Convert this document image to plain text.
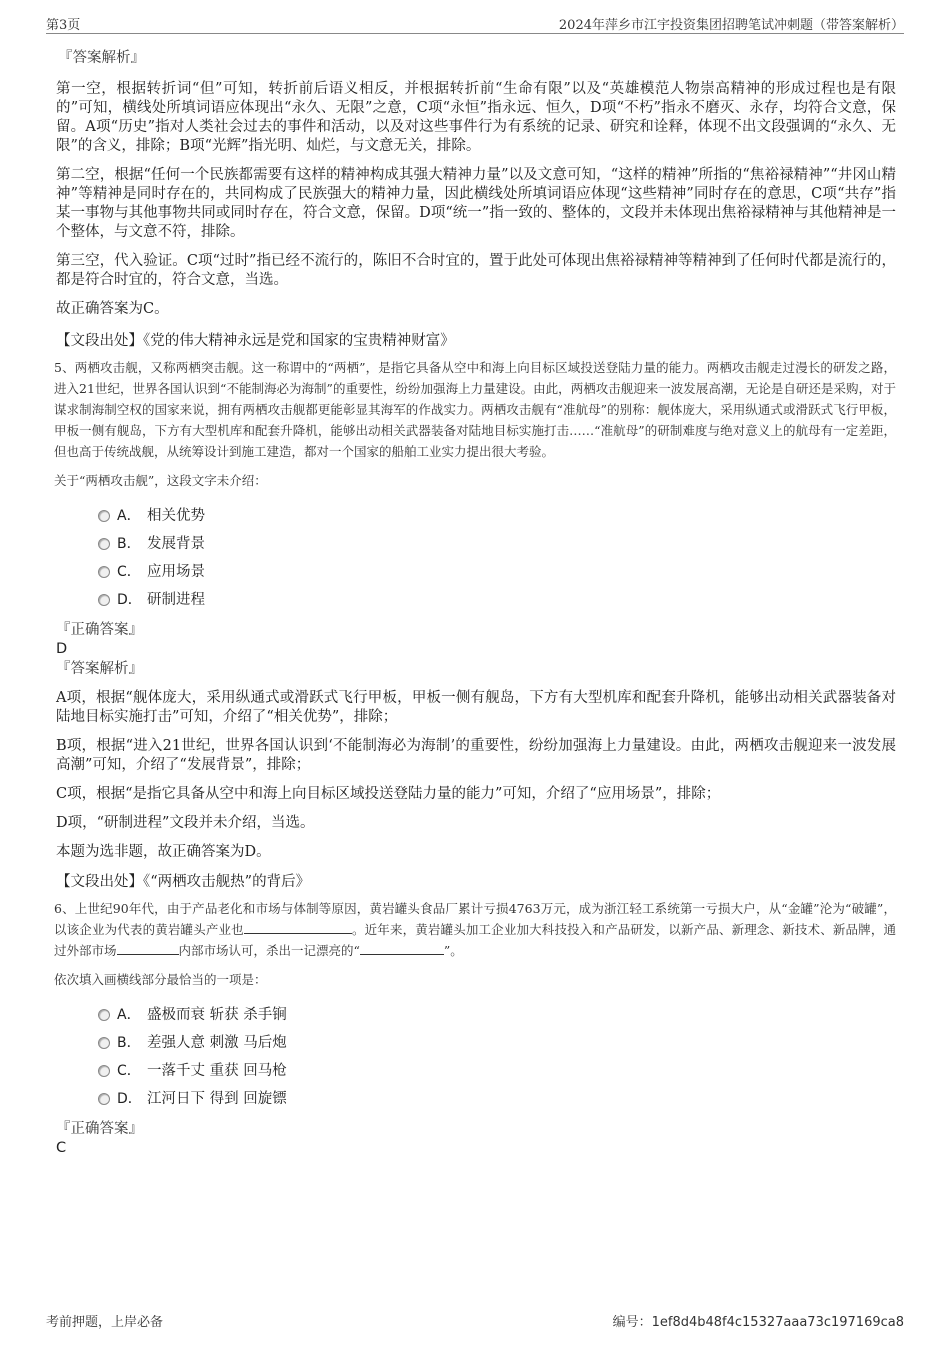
第3页	2024年萍乡市江宇投资集团招聘笔试冲刺题（带答案解析）
『答案解析』
第一空，根据转折词“但”可知，转折前后语义相反，并根据转折前“生命有限”以及“英雄模范人物崇高精神的形成过程也是有限的”可知，横线处所填词语应体现出“永久、无限”之意，C项“永恒”指永远、恒久，D项“不朽”指永不磨灭、永存，均符合文意，保留。A项“历史”指对人类社会过去的事件和活动，以及对这些事件行为有系统的记录、研究和诠释，体现不出文段强调的“永久、无限”的含义，排除；B项“光辉”指光明、灿烂，与文意无关，排除。
第二空，根据“任何一个民族都需要有这样的精神构成其强大精神力量”以及文意可知，“这样的精神”所指的“焦裕禄精神”“井冈山精神”等精神是同时存在的，共同构成了民族强大的精神力量，因此横线处所填词语应体现“这些精神”同时存在的意思，C项“共存”指某一事物与其他事物共同或同时存在，符合文意，保留。D项“统一”指一致的、整体的，文段并未体现出焦裕禄精神与其他精神是一个整体，与文意不符，排除。
第三空，代入验证。C项“过时”指已经不流行的，陈旧不合时宜的，置于此处可体现出焦裕禄精神等精神到了任何时代都是流行的，都是符合时宜的，符合文意，当选。
故正确答案为C。
【文段出处】《党的伟大精神永远是党和国家的宝贵精神财富》
5、两栖攻击舰，又称两栖突击舰。这一称谓中的“两栖”，是指它具备从空中和海上向目标区域投送登陆力量的能力。两栖攻击舰走过漫长的研发之路，进入21世纪，世界各国认识到“不能制海必为海制”的重要性，纷纷加强海上力量建设。由此，两栖攻击舰迎来一波发展高潮，无论是自研还是采购，对于谋求制海制空权的国家来说，拥有两栖攻击舰都更能彰显其海军的作战实力。两栖攻击舰有“准航母”的别称：舰体庞大，采用纵通式或滑跃式飞行甲板，甲板一侧有舰岛，下方有大型机库和配套升降机，能够出动相关武器装备对陆地目标实施打击……“准航母”的研制难度与绝对意义上的航母有一定差距，但也高于传统战舰，从统筹设计到施工建造，都对一个国家的船舶工业实力提出很大考验。
关于“两栖攻击舰”，这段文字未介绍：
A． 相关优势
B． 发展背景
C． 应用场景
D． 研制进程
『正确答案』
D
『答案解析』
A项，根据“舰体庞大，采用纵通式或滑跃式飞行甲板，甲板一侧有舰岛，下方有大型机库和配套升降机，能够出动相关武器装备对陆地目标实施打击”可知，介绍了“相关优势”，排除；
B项，根据“进入21世纪，世界各国认识到‘不能制海必为海制’的重要性，纷纷加强海上力量建设。由此，两栖攻击舰迎来一波发展高潮”可知，介绍了“发展背景”，排除；
C项，根据“是指它具备从空中和海上向目标区域投送登陆力量的能力”可知，介绍了“应用场景”，排除；
D项，“研制进程”文段并未介绍，当选。
本题为选非题，故正确答案为D。
【文段出处】《“两栖攻击舰热”的背后》
6、上世纪90年代，由于产品老化和市场与体制等原因，黄岩罐头食品厂累计亏损4763万元，成为浙江轻工系统第一亏损大户，从“金罐”沦为“破罐”，以该企业为代表的黄岩罐头产业也	。近年来，黄岩罐头加工企业加大科技投入和产品研发，以新产品、新理念、新技术、新品牌，通过外部市场	内部市场认可，杀出一记漂亮的“	”。
依次填入画横线部分最恰当的一项是：
A． 盛极而衰 斩获 杀手锏
B． 差强人意 刺激 马后炮
C． 一落千丈 重获 回马枪
D． 江河日下 得到 回旋镖
『正确答案』
C
考前押题，上岸必备	编号：1ef8d4b48f4c15327aaa73c197169ca8
